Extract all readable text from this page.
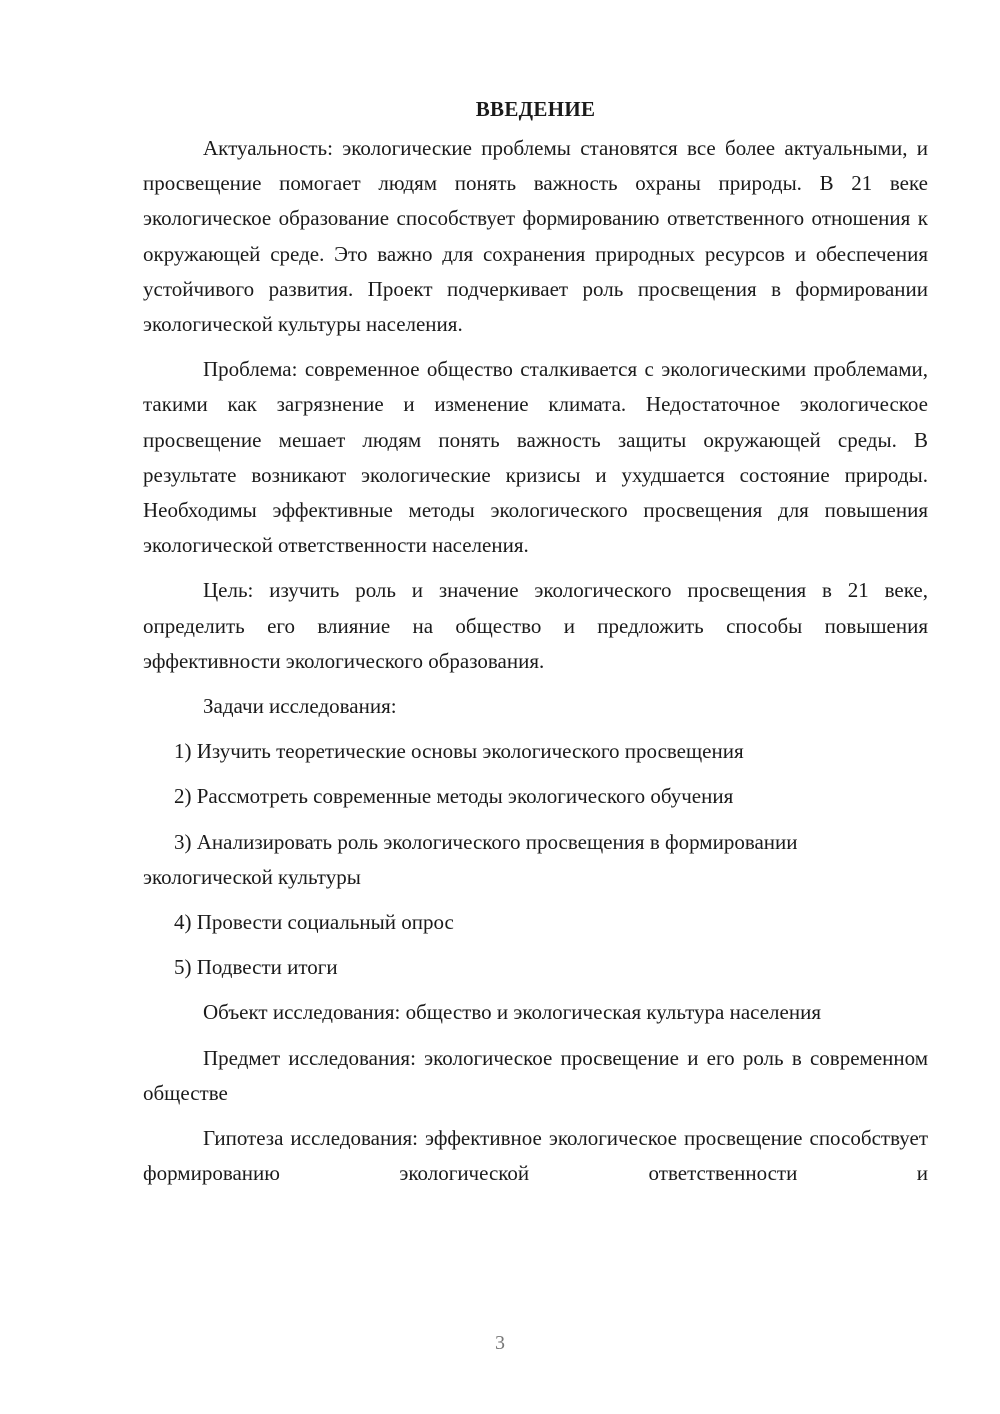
ВВЕДЕНИЕ

Актуальность: экологические проблемы становятся все более актуальными, и просвещение помогает людям понять важность охраны природы. В 21 веке экологическое образование способствует формированию ответственного отношения к окружающей среде. Это важно для сохранения природных ресурсов и обеспечения устойчивого развития. Проект подчеркивает роль просвещения в формировании экологической культуры населения.

Проблема: современное общество сталкивается с экологическими проблемами, такими как загрязнение и изменение климата. Недостаточное экологическое просвещение мешает людям понять важность защиты окружающей среды. В результате возникают экологические кризисы и ухудшается состояние природы. Необходимы эффективные методы экологического просвещения для повышения экологической ответственности населения.

Цель: изучить роль и значение экологического просвещения в 21 веке, определить его влияние на общество и предложить способы повышения эффективности экологического образования.

Задачи исследования:

1) Изучить теоретические основы экологического просвещения

2) Рассмотреть современные методы экологического обучения

3) Анализировать роль экологического просвещения в формировании экологической культуры

4) Провести социальный опрос

5) Подвести итоги

Объект исследования: общество и экологическая культура населения

Предмет исследования: экологическое просвещение и его роль в современном обществе

Гипотеза исследования: эффективное экологическое просвещение способствует формированию экологической ответственности и

3
